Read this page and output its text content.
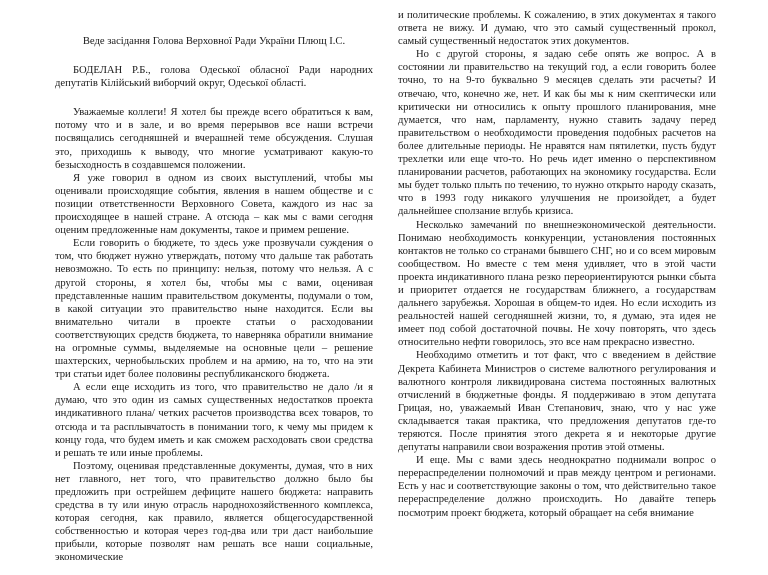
Веде засідання Голова Верховної Ради України Плющ І.С.

БОДЕЛАН Р.Б., голова Одеської обласної Ради народних депутатів Кілійський виборчий округ, Одеської області.

Уважаемые коллеги! Я хотел бы прежде всего обратиться к вам, потому что и в зале, и во время перерывов все наши встречи посвящались сегодняшней и вчерашней теме обсуждения. Слушая это, приходишь к выводу, что многие усматривают какую-то безысходность в создавшемся положении.

Я уже говорил в одном из своих выступлений, чтобы мы оценивали происходящие события, явления в нашем обществе и с позиции ответственности Верховного Совета, каждого из нас за происходящее в нашей стране. А отсюда – как мы с вами сегодня оценим предложенные нам документы, такое и примем решение.

Если говорить о бюджете, то здесь уже прозвучали суждения о том, что бюджет нужно утверждать, потому что дальше так работать невозможно. То есть по принципу: нельзя, потому что нельзя. А с другой стороны, я хотел бы, чтобы мы с вами, оценивая представленные нашим правительством документы, подумали о том, в какой ситуации это правительство ныне находится. Если вы внимательно читали в проекте статьи о расходовании соответствующих средств бюджета, то наверняка обратили внимание на огромные суммы, выделяемые на основные цели – решение шахтерских, чернобыльских проблем и на армию, на то, что на эти три статьи идет более половины республиканского бюджета.

А если еще исходить из того, что правительство не дало /и я думаю, что это один из самых существенных недостатков проекта индикативного плана/ четких расчетов производства всех товаров, то отсюда и та расплывчатость в понимании того, к чему мы придем к концу года, что будем иметь и как сможем расходовать свои средства и решать те или иные проблемы.

Поэтому, оценивая представленные документы, думая, что в них нет главного, нет того, что правительство должно было бы предложить при острейшем дефиците нашего бюджета: направить средства в ту или иную отрасль народнохозяйственного комплекса, которая сегодня, как правило, является общегосударственной собственностью и которая через год-два или три даст наибольшие прибыли, которые позволят нам решать все наши социальные, экономические

и политические проблемы. К сожалению, в этих документах я такого ответа не вижу. И думаю, что это самый существенный прокол, самый существенный недостаток этих документов.

Но с другой стороны, я задаю себе опять же вопрос. А в состоянии ли правительство на текущий год, а если говорить более точно, то на 9-то буквально 9 месяцев сделать эти расчеты? И отвечаю, что, конечно же, нет. И как бы мы к ним скептически или критически ни относились к опыту прошлого планирования, мне думается, что нам, парламенту, нужно ставить задачу перед правительством о необходимости проведения подобных расчетов на более длительные периоды. Не нравятся нам пятилетки, пусть будут трехлетки или еще что-то. Но речь идет именно о перспективном планировании расчетов, работающих на экономику государства. Если мы будет только плыть по течению, то нужно открыто народу сказать, что в 1993 году никакого улучшения не произойдет, а будет дальнейшее сползание вглубь кризиса.

Несколько замечаний по внешнеэкономической деятельности. Понимаю необходимость конкуренции, установления постоянных контактов не только со странами бывшего СНГ, но и со всем мировым сообществом. Но вместе с тем меня удивляет, что в этой части проекта индикативного плана резко переориентируются рынки сбыта и приоритет отдается не государствам ближнего, а государствам дальнего зарубежья. Хорошая в общем-то идея. Но если исходить из реальностей нашей сегодняшней жизни, то, я думаю, эта идея не имеет под собой достаточной почвы. Не хочу повторять, что здесь относительно нефти говорилось, это все нам прекрасно известно.

Необходимо отметить и тот факт, что с введением в действие Декрета Кабинета Министров о системе валютного регулирования и валютного контроля ликвидирована система постоянных валютных отчислений в бюджетные фонды. Я поддерживаю в этом депутата Грицая, но, уважаемый Иван Степанович, знаю, что у нас уже складывается такая практика, что предложения депутатов где-то теряются. После принятия этого декрета я и некоторые другие депутаты направили свои возражения против этой отмены.

И еще. Мы с вами здесь неоднократно поднимали вопрос о перераспределении полномочий и прав между центром и регионами. Есть у нас и соответствующие законы о том, что действительно такое перераспределение должно происходить. Но давайте теперь посмотрим проект бюджета, который обращает на себя внимание
